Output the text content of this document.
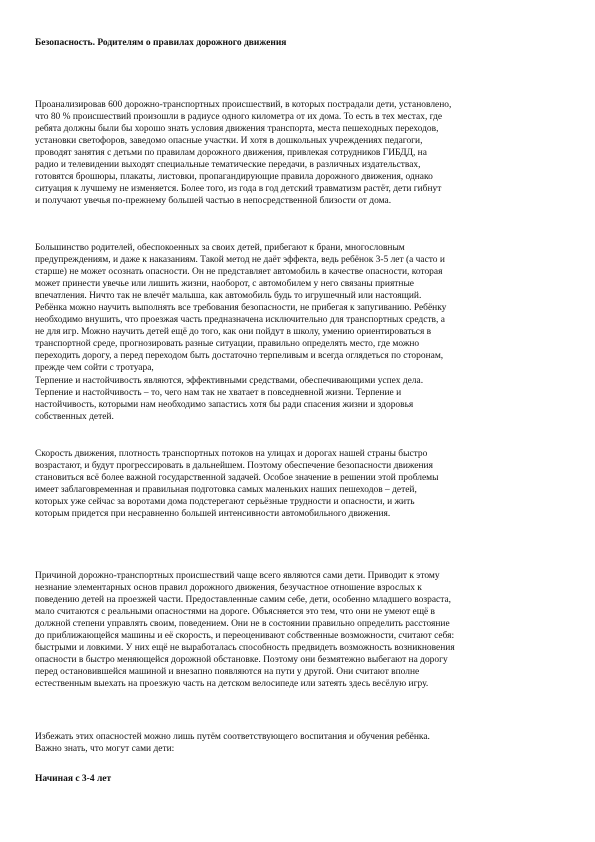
Безопасность. Родителям о правилах дорожного движения
Проанализировав 600 дорожно-транспортных происшествий, в которых пострадали дети, установлено,
что 80 % происшествий произошли в радиусе одного километра от их дома. То есть в тех местах, где
ребята должны были бы хорошо знать условия движения транспорта, места пешеходных переходов,
установки светофоров, заведомо опасные участки. И хотя в дошкольных учреждениях педагоги,
проводят занятия с детьми по правилам дорожного движения, привлекая сотрудников ГИБДД, на
радио и телевидении выходят специальные тематические передачи, в различных издательствах,
готовятся брошюры, плакаты, листовки, пропагандирующие правила дорожного движения, однако
ситуация к лучшему не изменяется. Более того, из года в год детский травматизм растёт, дети гибнут
и получают увечья по-прежнему большей частью в непосредственной близости от дома.
Большинство родителей, обеспокоенных за своих детей, прибегают к брани, многословным
предупреждениям, и даже к наказаниям. Такой метод не даёт эффекта, ведь ребёнок 3-5 лет (а часто и
старше) не может осознать опасности. Он не представляет автомобиль в качестве опасности, которая
может принести увечье или лишить жизни, наоборот, с автомобилем у него связаны приятные
впечатления. Ничто так не влечёт малыша, как автомобиль будь то игрушечный или настоящий.
Ребёнка можно научить выполнять все требования безопасности, не прибегая к запугиванию. Ребёнку
необходимо внушить, что проезжая часть предназначена исключительно для транспортных средств, а
не для игр. Можно научить детей ещё до того, как они пойдут в школу, умению ориентироваться в
транспортной среде, прогнозировать разные ситуации, правильно определять место, где можно
переходить дорогу, а перед переходом быть достаточно терпеливым и всегда оглядеться по сторонам,
прежде чем сойти с тротуара,
Терпение и настойчивость являются, эффективными средствами, обеспечивающими успех дела.
Терпение и настойчивость – то, чего нам так не хватает в повседневной жизни. Терпение и
настойчивость, которыми нам необходимо запастись хотя бы ради спасения жизни и здоровья
собственных детей.
Скорость движения, плотность транспортных потоков на улицах и дорогах нашей страны быстро
возрастают, и будут прогрессировать в дальнейшем. Поэтому обеспечение безопасности движения
становиться всё более важной государственной задачей. Особое значение в решении этой проблемы
имеет заблаговременная и правильная подготовка самых маленьких наших пешеходов – детей,
которых уже сейчас за воротами дома подстерегают серьёзные трудности и опасности, и жить
которым придется при несравненно большей интенсивности автомобильного движения.
Причиной дорожно-транспортных происшествий чаще всего являются сами дети. Приводит к этому
незнание элементарных основ правил дорожного движения, безучастное отношение взрослых к
поведению детей на проезжей части. Предоставленные самим себе, дети, особенно младшего возраста,
мало считаются с реальными опасностями на дороге. Объясняется это тем, что они не умеют ещё в
должной степени управлять своим, поведением. Они не в состоянии правильно определить расстояние
до приближающейся машины и её скорость, и переоценивают собственные возможности, считают себя:
быстрыми и ловкими. У них ещё не выработалась способность предвидеть возможность возникновения
опасности в быстро меняющейся дорожной обстановке. Поэтому они безмятежно выбегают на дорогу
перед остановившейся машиной и внезапно появляются на пути у другой. Они считают вполне
естественным выехать на проезжую часть на детском велосипеде или затеять здесь весёлую игру.
Избежать этих опасностей можно лишь путём соответствующего воспитания и обучения ребёнка.
Важно знать, что могут сами дети:
Начиная с 3-4 лет
